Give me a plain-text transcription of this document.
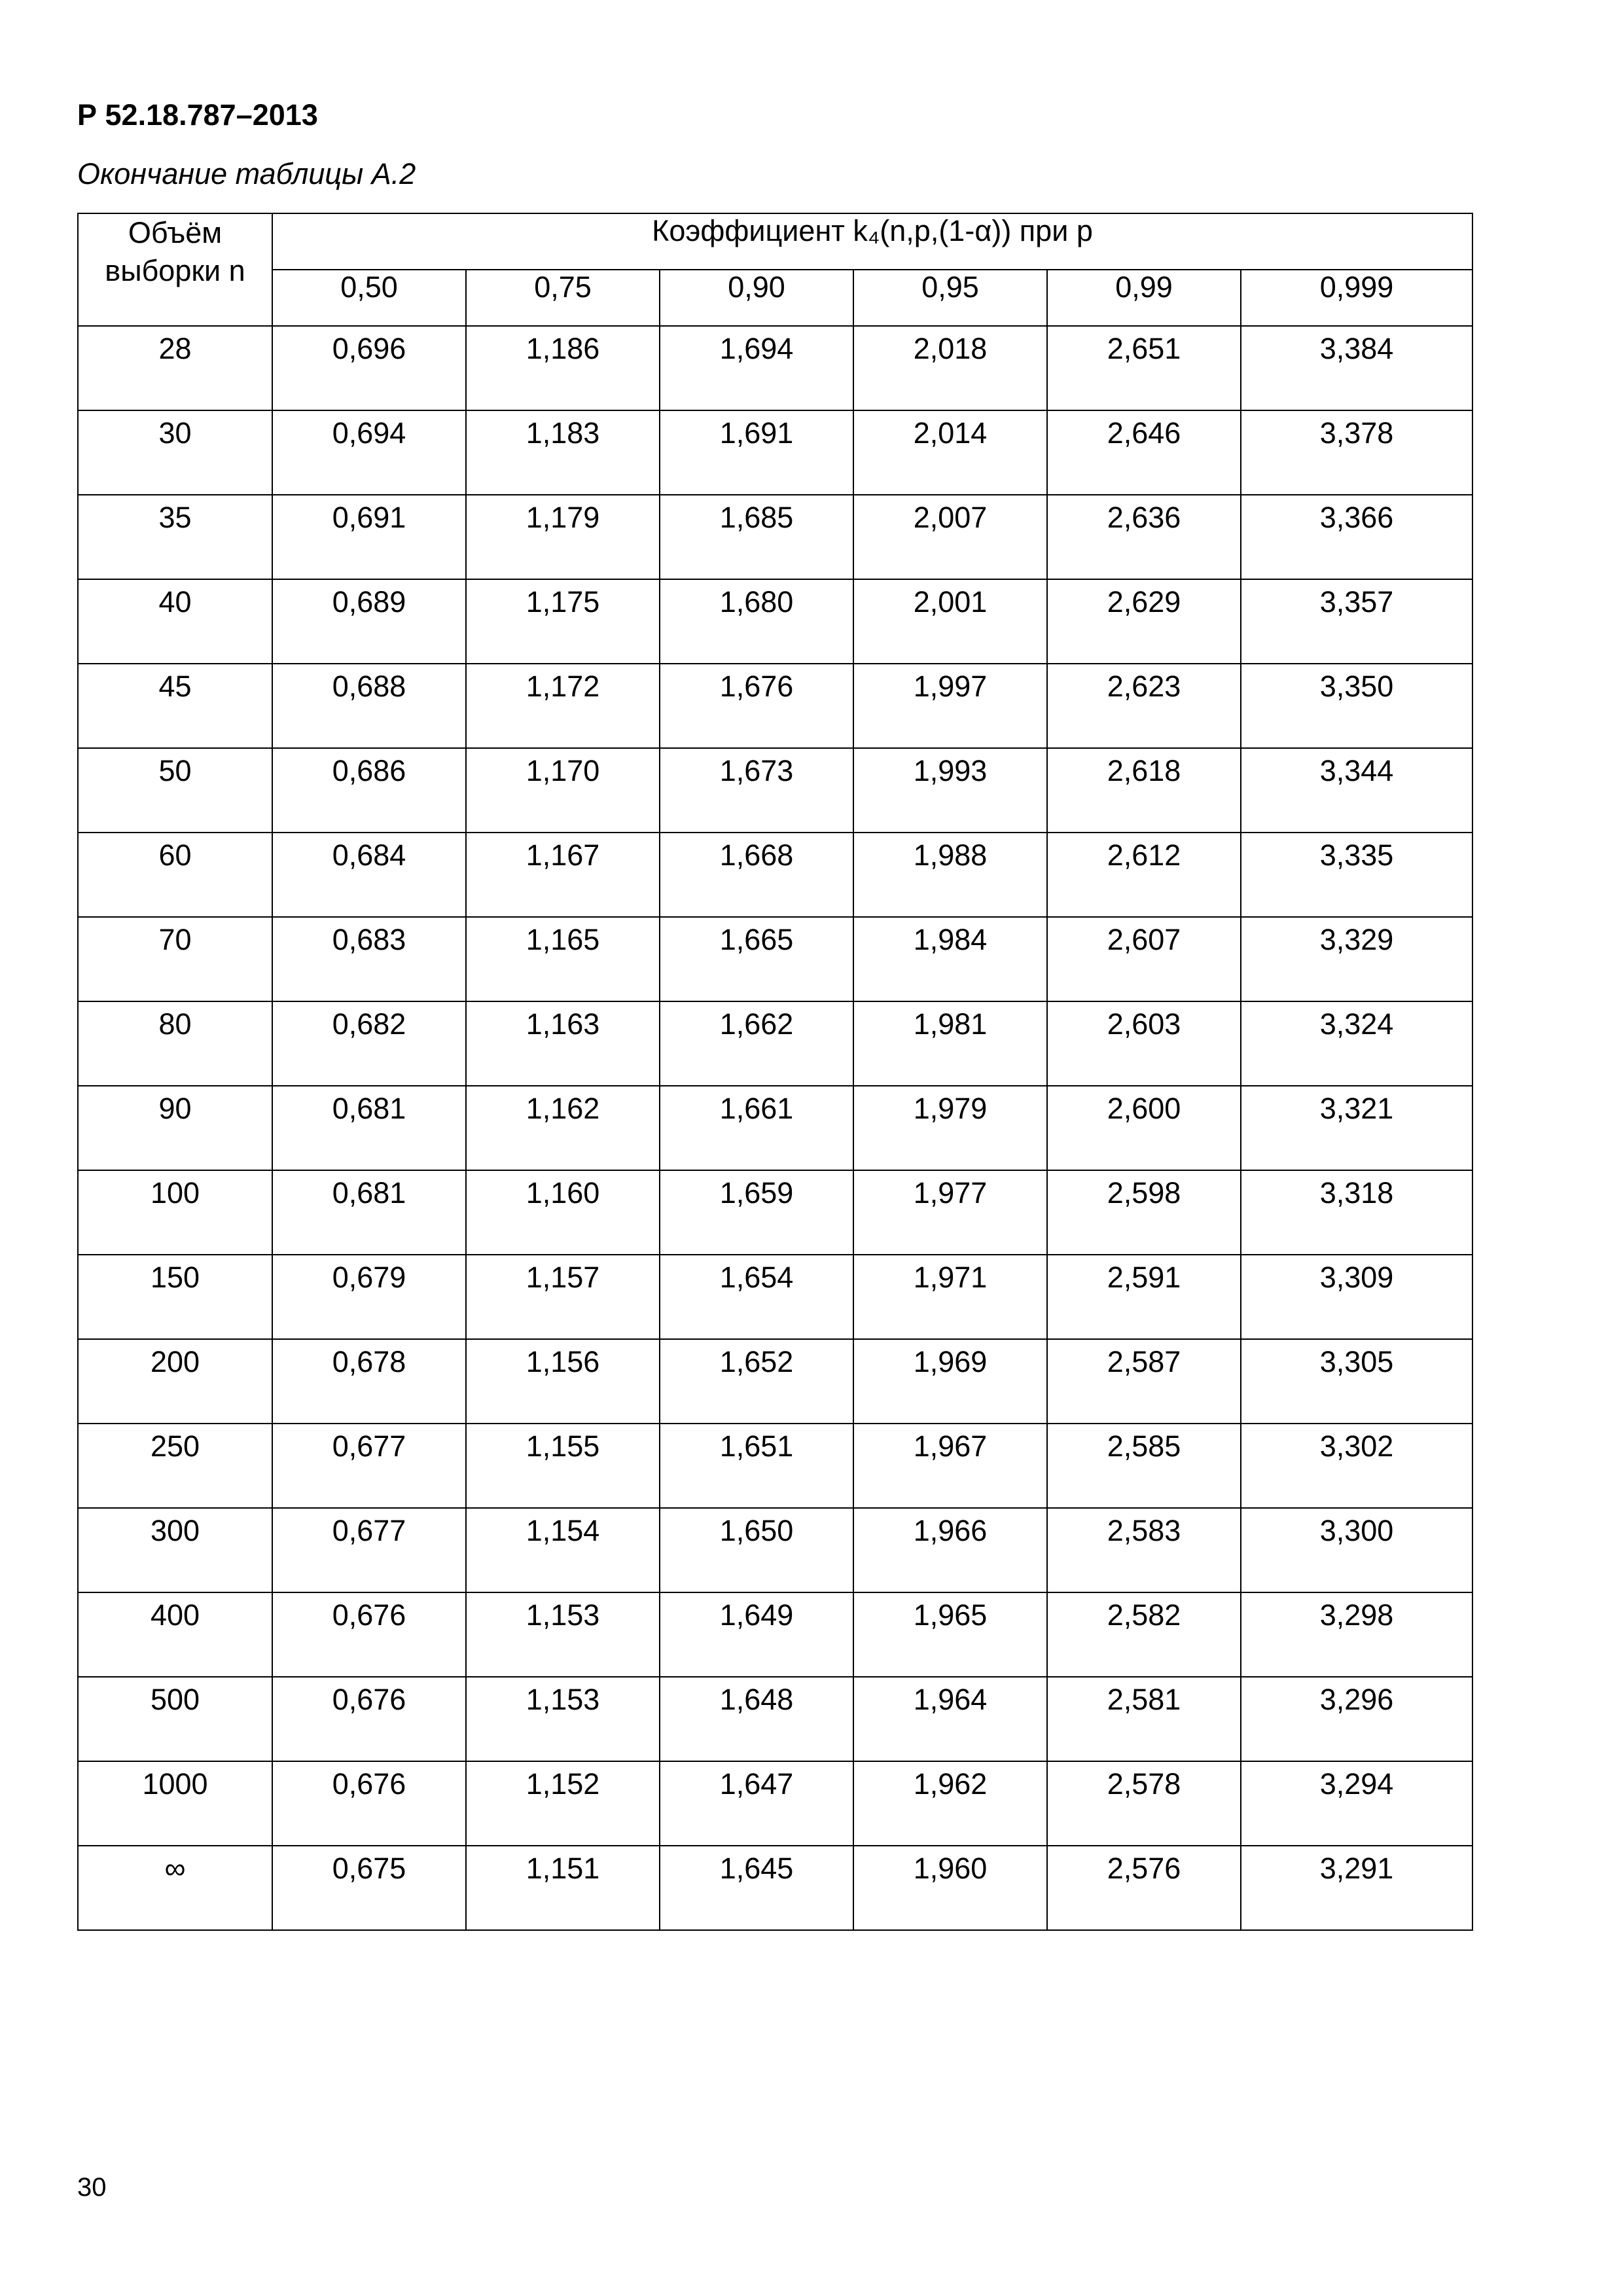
Р 52.18.787–2013

Окончание таблицы А.2

Объём
выборки n	Коэффициент k₄(n,p,(1-α)) при p					
	0,50	0,75	0,90	0,95	0,99	0,999
28	0,696	1,186	1,694	2,018	2,651	3,384
30	0,694	1,183	1,691	2,014	2,646	3,378
35	0,691	1,179	1,685	2,007	2,636	3,366
40	0,689	1,175	1,680	2,001	2,629	3,357
45	0,688	1,172	1,676	1,997	2,623	3,350
50	0,686	1,170	1,673	1,993	2,618	3,344
60	0,684	1,167	1,668	1,988	2,612	3,335
70	0,683	1,165	1,665	1,984	2,607	3,329
80	0,682	1,163	1,662	1,981	2,603	3,324
90	0,681	1,162	1,661	1,979	2,600	3,321
100	0,681	1,160	1,659	1,977	2,598	3,318
150	0,679	1,157	1,654	1,971	2,591	3,309
200	0,678	1,156	1,652	1,969	2,587	3,305
250	0,677	1,155	1,651	1,967	2,585	3,302
300	0,677	1,154	1,650	1,966	2,583	3,300
400	0,676	1,153	1,649	1,965	2,582	3,298
500	0,676	1,153	1,648	1,964	2,581	3,296
1000	0,676	1,152	1,647	1,962	2,578	3,294
∞	0,675	1,151	1,645	1,960	2,576	3,291

30
